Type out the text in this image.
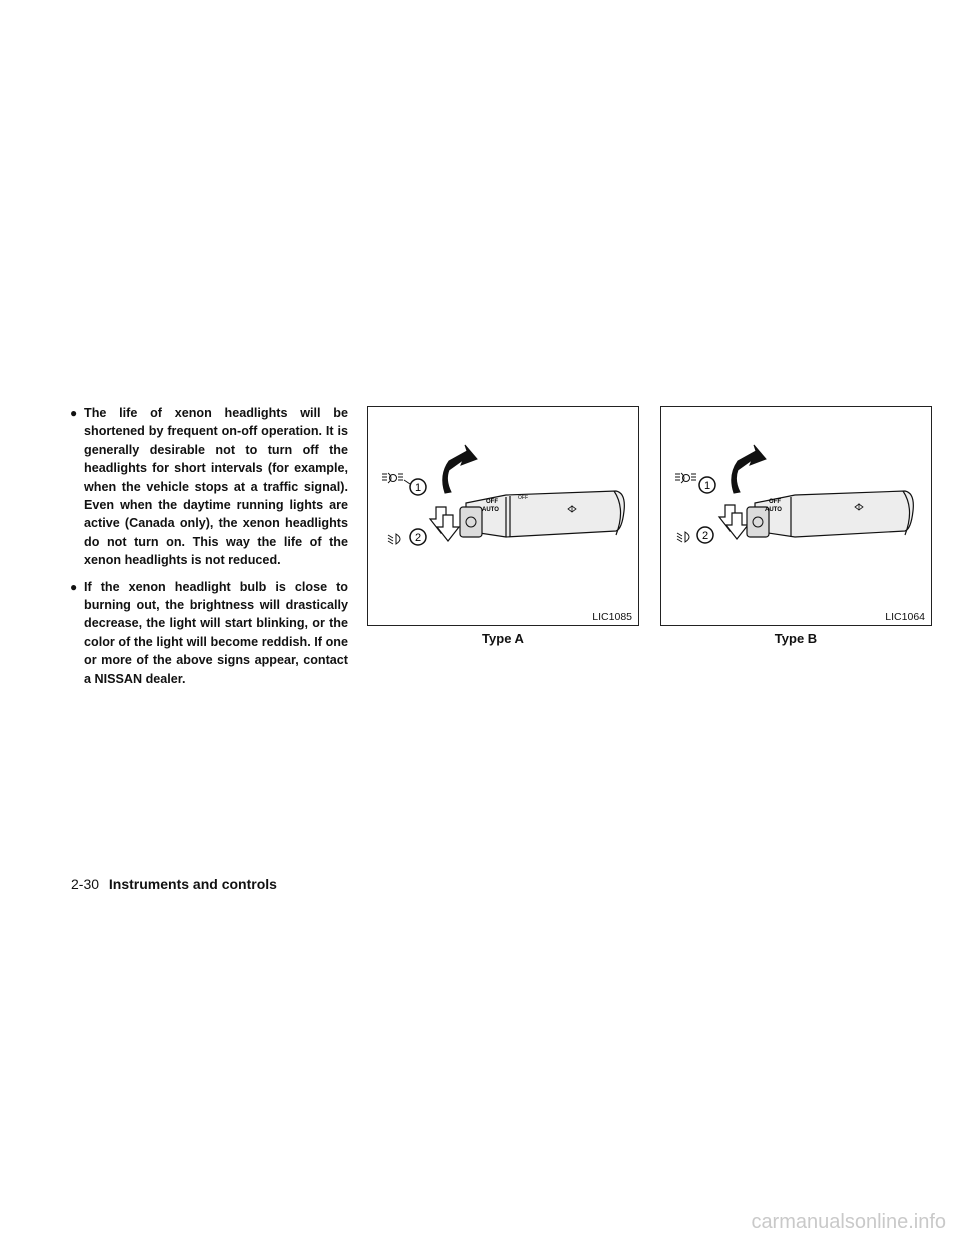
● The life of xenon headlights will be shortened by frequent on-off operation. It is generally desirable not to turn off the headlights for short intervals (for example, when the vehicle stops at a traffic signal). Even when the daytime running lights are active (Canada only), the xenon headlights do not turn on. This way the life of the xenon headlights is not reduced.
● If the xenon headlight bulb is close to burning out, the brightness will drastically decrease, the light will start blinking, or the color of the light will become reddish. If one or more of the above signs appear, contact a NISSAN dealer.
1
2
OFF
AUTO
OFF
LIC1085
Type A
1
2
OFF
AUTO
LIC1064
Type B
2-30 Instruments and controls
carmanualsonline.info
